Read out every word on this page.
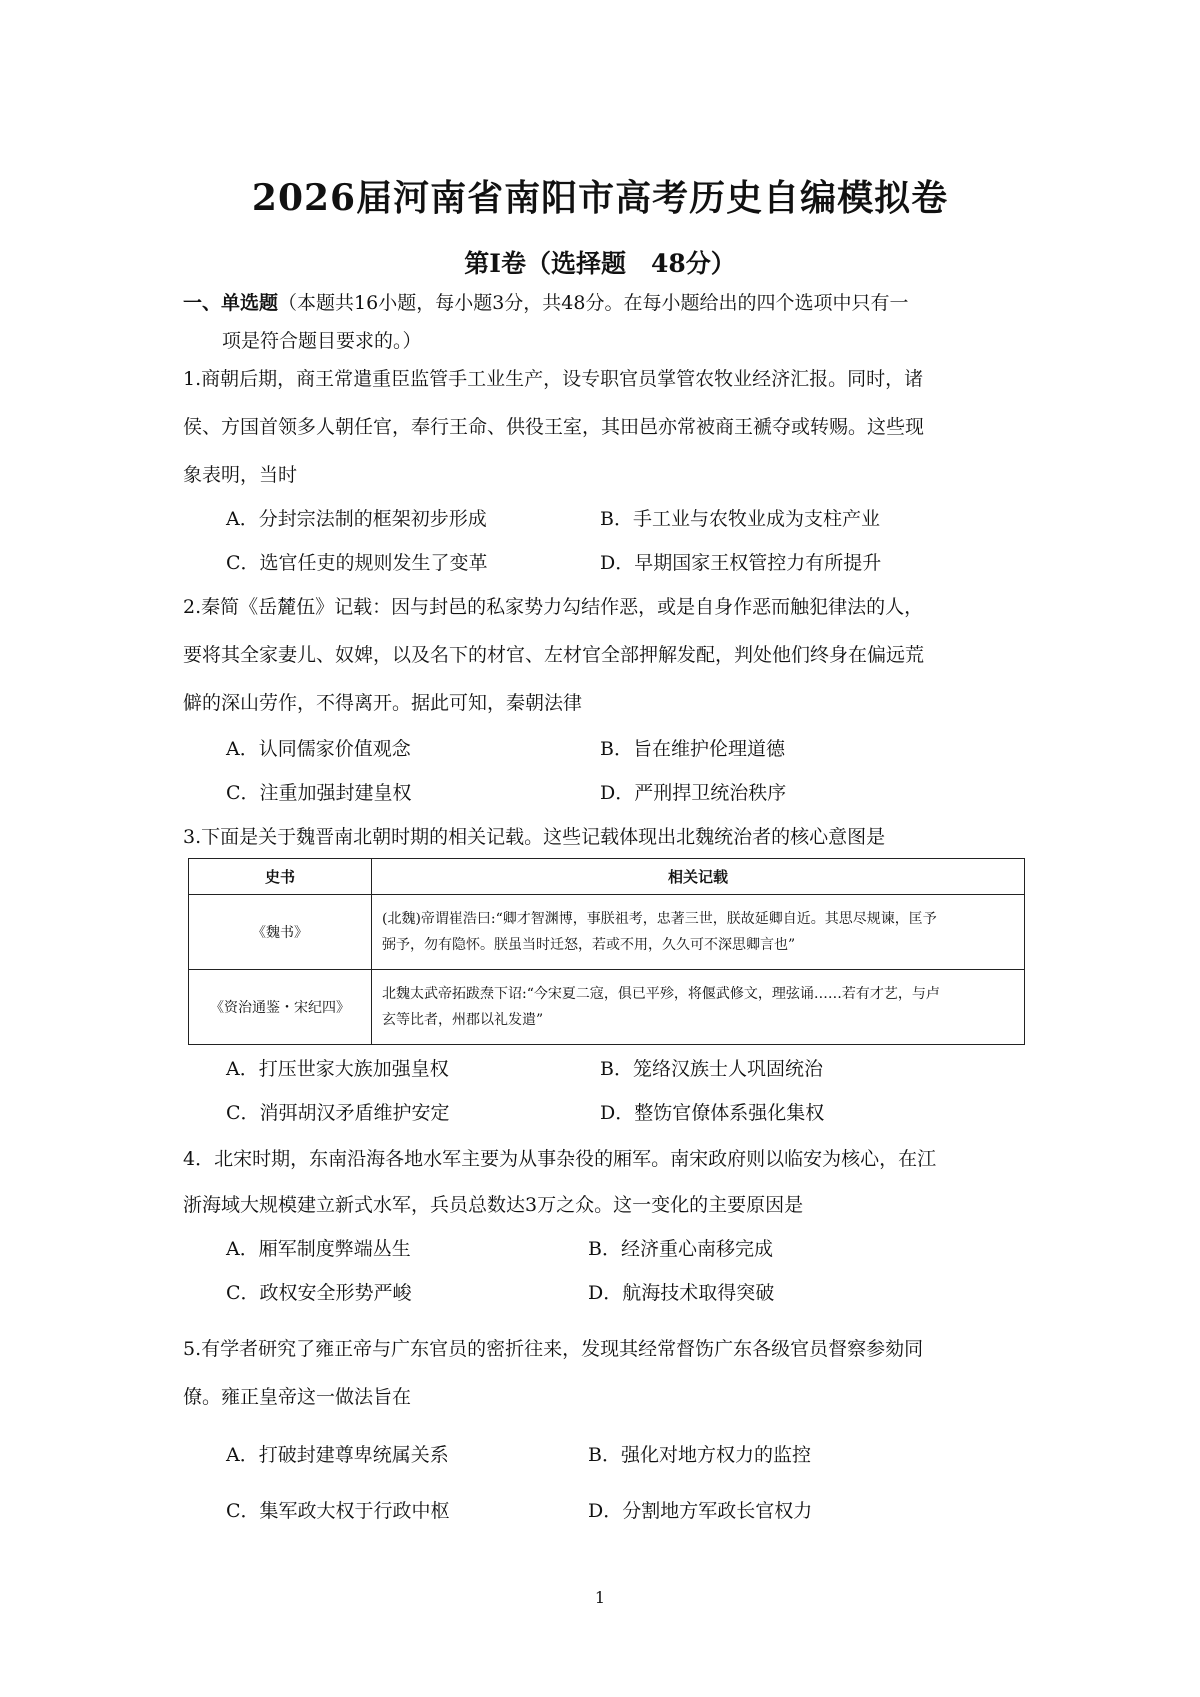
2026届河南省南阳市高考历史自编模拟卷
第Ⅰ卷（选择题　48分）
一、单选题（本题共16小题，每小题3分，共48分。在每小题给出的四个选项中只有一
项是符合题目要求的。）
1.商朝后期，商王常遣重臣监管手工业生产，设专职官员掌管农牧业经济汇报。同时，诸
侯、方国首领多人朝任官，奉行王命、供役王室，其田邑亦常被商王褫夺或转赐。这些现
象表明，当时
A．分封宗法制的框架初步形成	B．手工业与农牧业成为支柱产业
C．选官任吏的规则发生了变革	D．早期国家王权管控力有所提升
2.秦简《岳麓伍》记载：因与封邑的私家势力勾结作恶，或是自身作恶而触犯律法的人，
要将其全家妻儿、奴婢，以及名下的材官、左材官全部押解发配，判处他们终身在偏远荒
僻的深山劳作，不得离开。据此可知，秦朝法律
A．认同儒家价值观念	B．旨在维护伦理道德
C．注重加强封建皇权	D．严刑捍卫统治秩序
3.下面是关于魏晋南北朝时期的相关记载。这些记载体现出北魏统治者的核心意图是
史书	相关记载
《魏书》	(北魏)帝谓崔浩曰:“卿才智渊博，事朕祖考，忠著三世，朕故延卿自近。其思尽规谏，匡予
弼予，勿有隐怀。朕虽当时迁怒，若或不用，久久可不深思卿言也”
《资治通鉴・宋纪四》	北魏太武帝拓跋焘下诏:“今宋夏二寇，俱已平殄，将偃武修文，理弦诵……若有才艺，与卢
玄等比者，州郡以礼发遣”
A．打压世家大族加强皇权	B．笼络汉族士人巩固统治
C．消弭胡汉矛盾维护安定	D．整饬官僚体系强化集权
4．北宋时期，东南沿海各地水军主要为从事杂役的厢军。南宋政府则以临安为核心，在江
浙海域大规模建立新式水军，兵员总数达3万之众。这一变化的主要原因是
A．厢军制度弊端丛生	B．经济重心南移完成
C．政权安全形势严峻	D．航海技术取得突破
5.有学者研究了雍正帝与广东官员的密折往来，发现其经常督饬广东各级官员督察参劾同
僚。雍正皇帝这一做法旨在
A．打破封建尊卑统属关系	B．强化对地方权力的监控
C．集军政大权于行政中枢	D．分割地方军政长官权力
1
